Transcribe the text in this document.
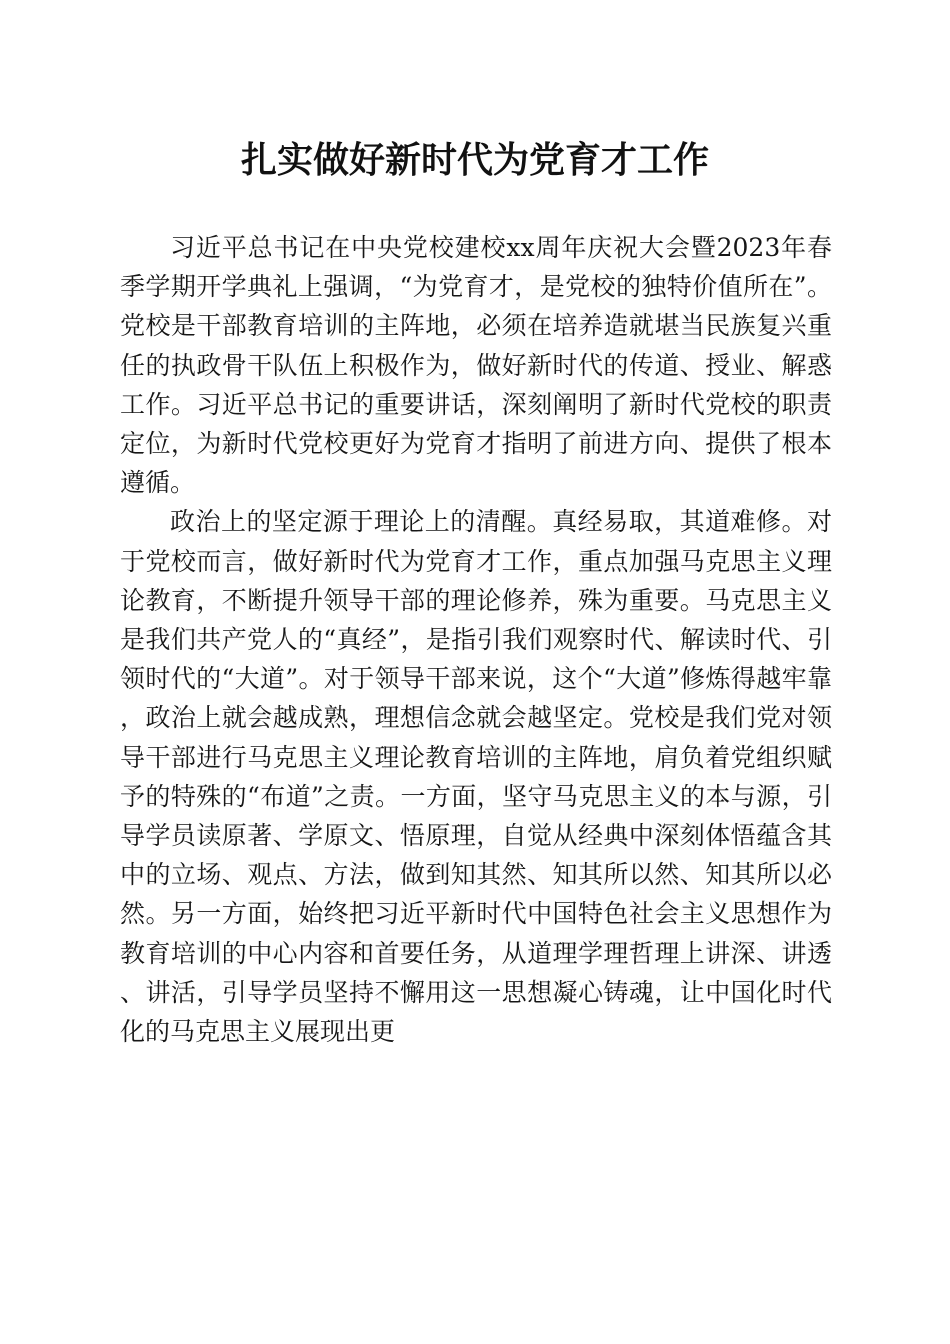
扎实做好新时代为党育才工作

习近平总书记在中央党校建校xx周年庆祝大会暨2023年春季学期开学典礼上强调，“为党育才，是党校的独特价值所在”。党校是干部教育培训的主阵地，必须在培养造就堪当民族复兴重任的执政骨干队伍上积极作为，做好新时代的传道、授业、解惑工作。习近平总书记的重要讲话，深刻阐明了新时代党校的职责定位，为新时代党校更好为党育才指明了前进方向、提供了根本遵循。

政治上的坚定源于理论上的清醒。真经易取，其道难修。对于党校而言，做好新时代为党育才工作，重点加强马克思主义理论教育，不断提升领导干部的理论修养，殊为重要。马克思主义是我们共产党人的“真经”，是指引我们观察时代、解读时代、引领时代的“大道”。对于领导干部来说，这个“大道”修炼得越牢靠，政治上就会越成熟，理想信念就会越坚定。党校是我们党对领导干部进行马克思主义理论教育培训的主阵地，肩负着党组织赋予的特殊的“布道”之责。一方面，坚守马克思主义的本与源，引导学员读原著、学原文、悟原理，自觉从经典中深刻体悟蕴含其中的立场、观点、方法，做到知其然、知其所以然、知其所以必然。另一方面，始终把习近平新时代中国特色社会主义思想作为教育培训的中心内容和首要任务，从道理学理哲理上讲深、讲透、讲活，引导学员坚持不懈用这一思想凝心铸魂，让中国化时代化的马克思主义展现出更
